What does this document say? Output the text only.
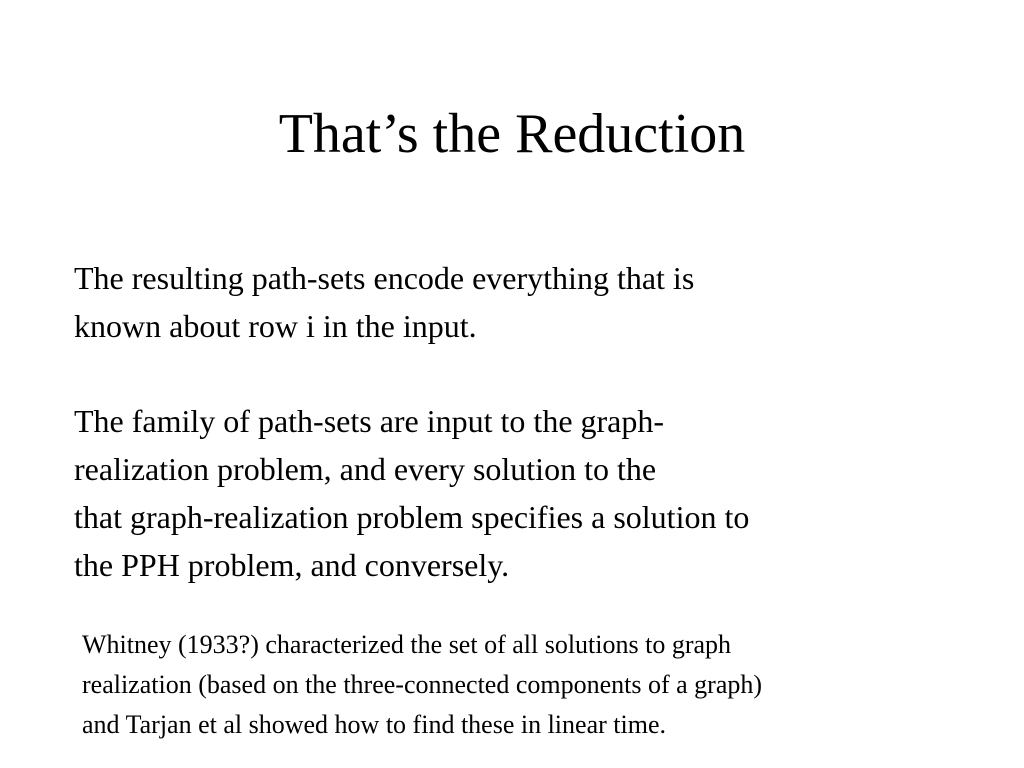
That’s the Reduction
The resulting path-sets encode everything that is
known about row i in the input.
The family of path-sets are input to the graph-
realization problem, and every solution to the
that graph-realization problem specifies a solution to
the PPH problem, and conversely.
Whitney (1933?) characterized the set of all solutions to graph
realization (based on the three-connected components of a graph)
and Tarjan et al showed how to find these in linear time.
